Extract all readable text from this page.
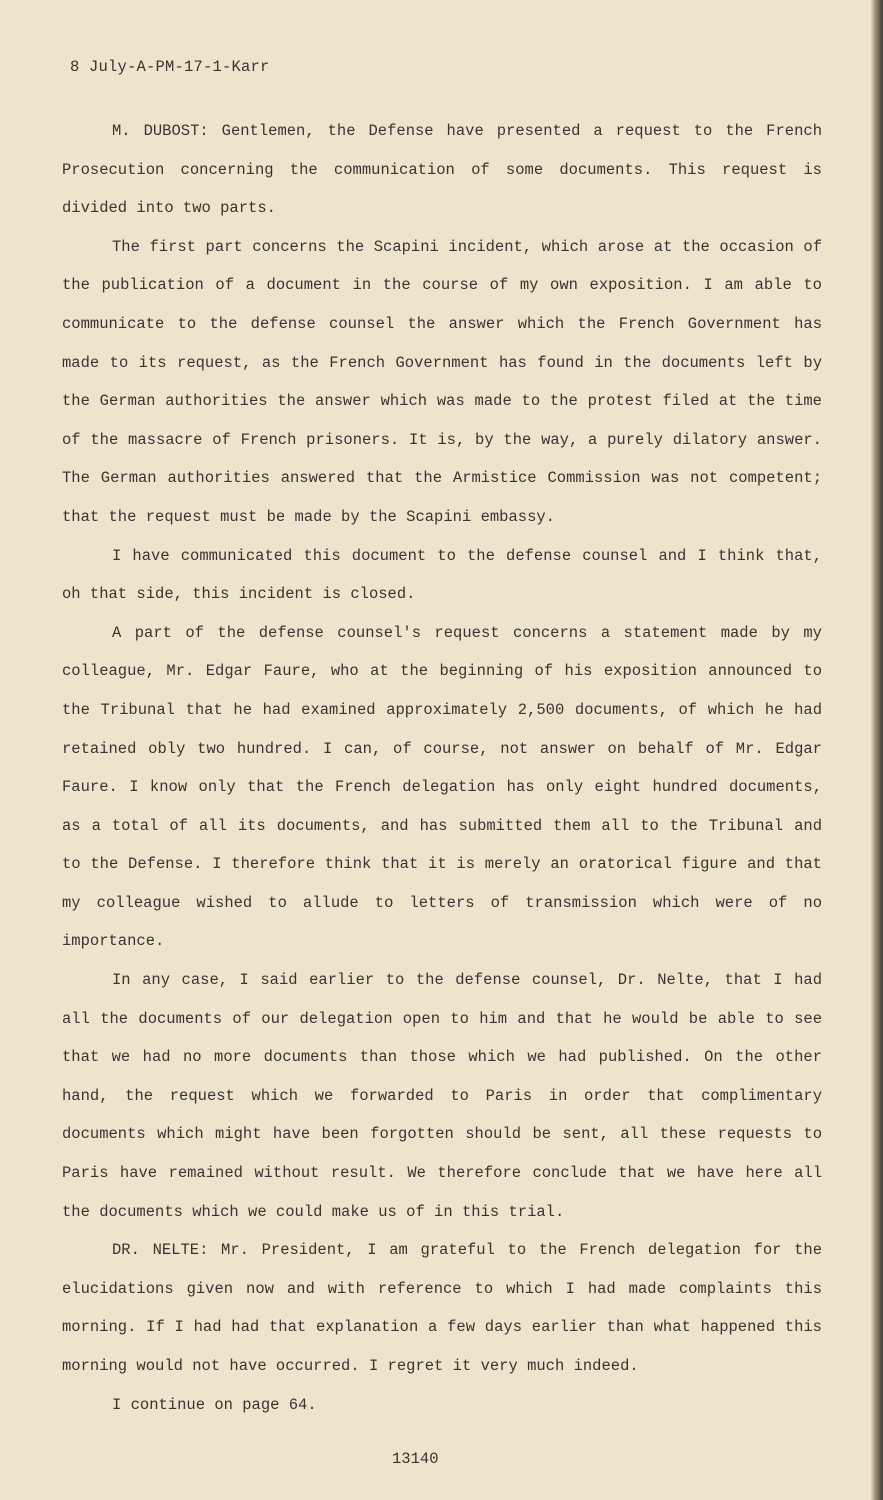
8 July-A-PM-17-1-Karr

M. DUBOST: Gentlemen, the Defense have presented a request to the French Prosecution concerning the communication of some documents. This request is divided into two parts.

The first part concerns the Scapini incident, which arose at the occasion of the publication of a document in the course of my own exposition. I am able to communicate to the defense counsel the answer which the French Government has made to its request, as the French Government has found in the documents left by the German authorities the answer which was made to the protest filed at the time of the massacre of French prisoners. It is, by the way, a purely dilatory answer. The German authorities answered that the Armistice Commission was not competent; that the request must be made by the Scapini embassy.

I have communicated this document to the defense counsel and I think that, oh that side, this incident is closed.

A part of the defense counsel's request concerns a statement made by my colleague, Mr. Edgar Faure, who at the beginning of his exposition announced to the Tribunal that he had examined approximately 2,500 documents, of which he had retained obly two hundred. I can, of course, not answer on behalf of Mr. Edgar Faure. I know only that the French delegation has only eight hundred documents, as a total of all its documents, and has submitted them all to the Tribunal and to the Defense. I therefore think that it is merely an oratorical figure and that my colleague wished to allude to letters of transmission which were of no importance.

In any case, I said earlier to the defense counsel, Dr. Nelte, that I had all the documents of our delegation open to him and that he would be able to see that we had no more documents than those which we had published. On the other hand, the request which we forwarded to Paris in order that complimentary documents which might have been forgotten should be sent, all these requests to Paris have remained without result. We therefore conclude that we have here all the documents which we could make us of in this trial.

DR. NELTE: Mr. President, I am grateful to the French delegation for the elucidations given now and with reference to which I had made complaints this morning. If I had had that explanation a few days earlier than what happened this morning would not have occurred. I regret it very much indeed.

I continue on page 64.

13140
